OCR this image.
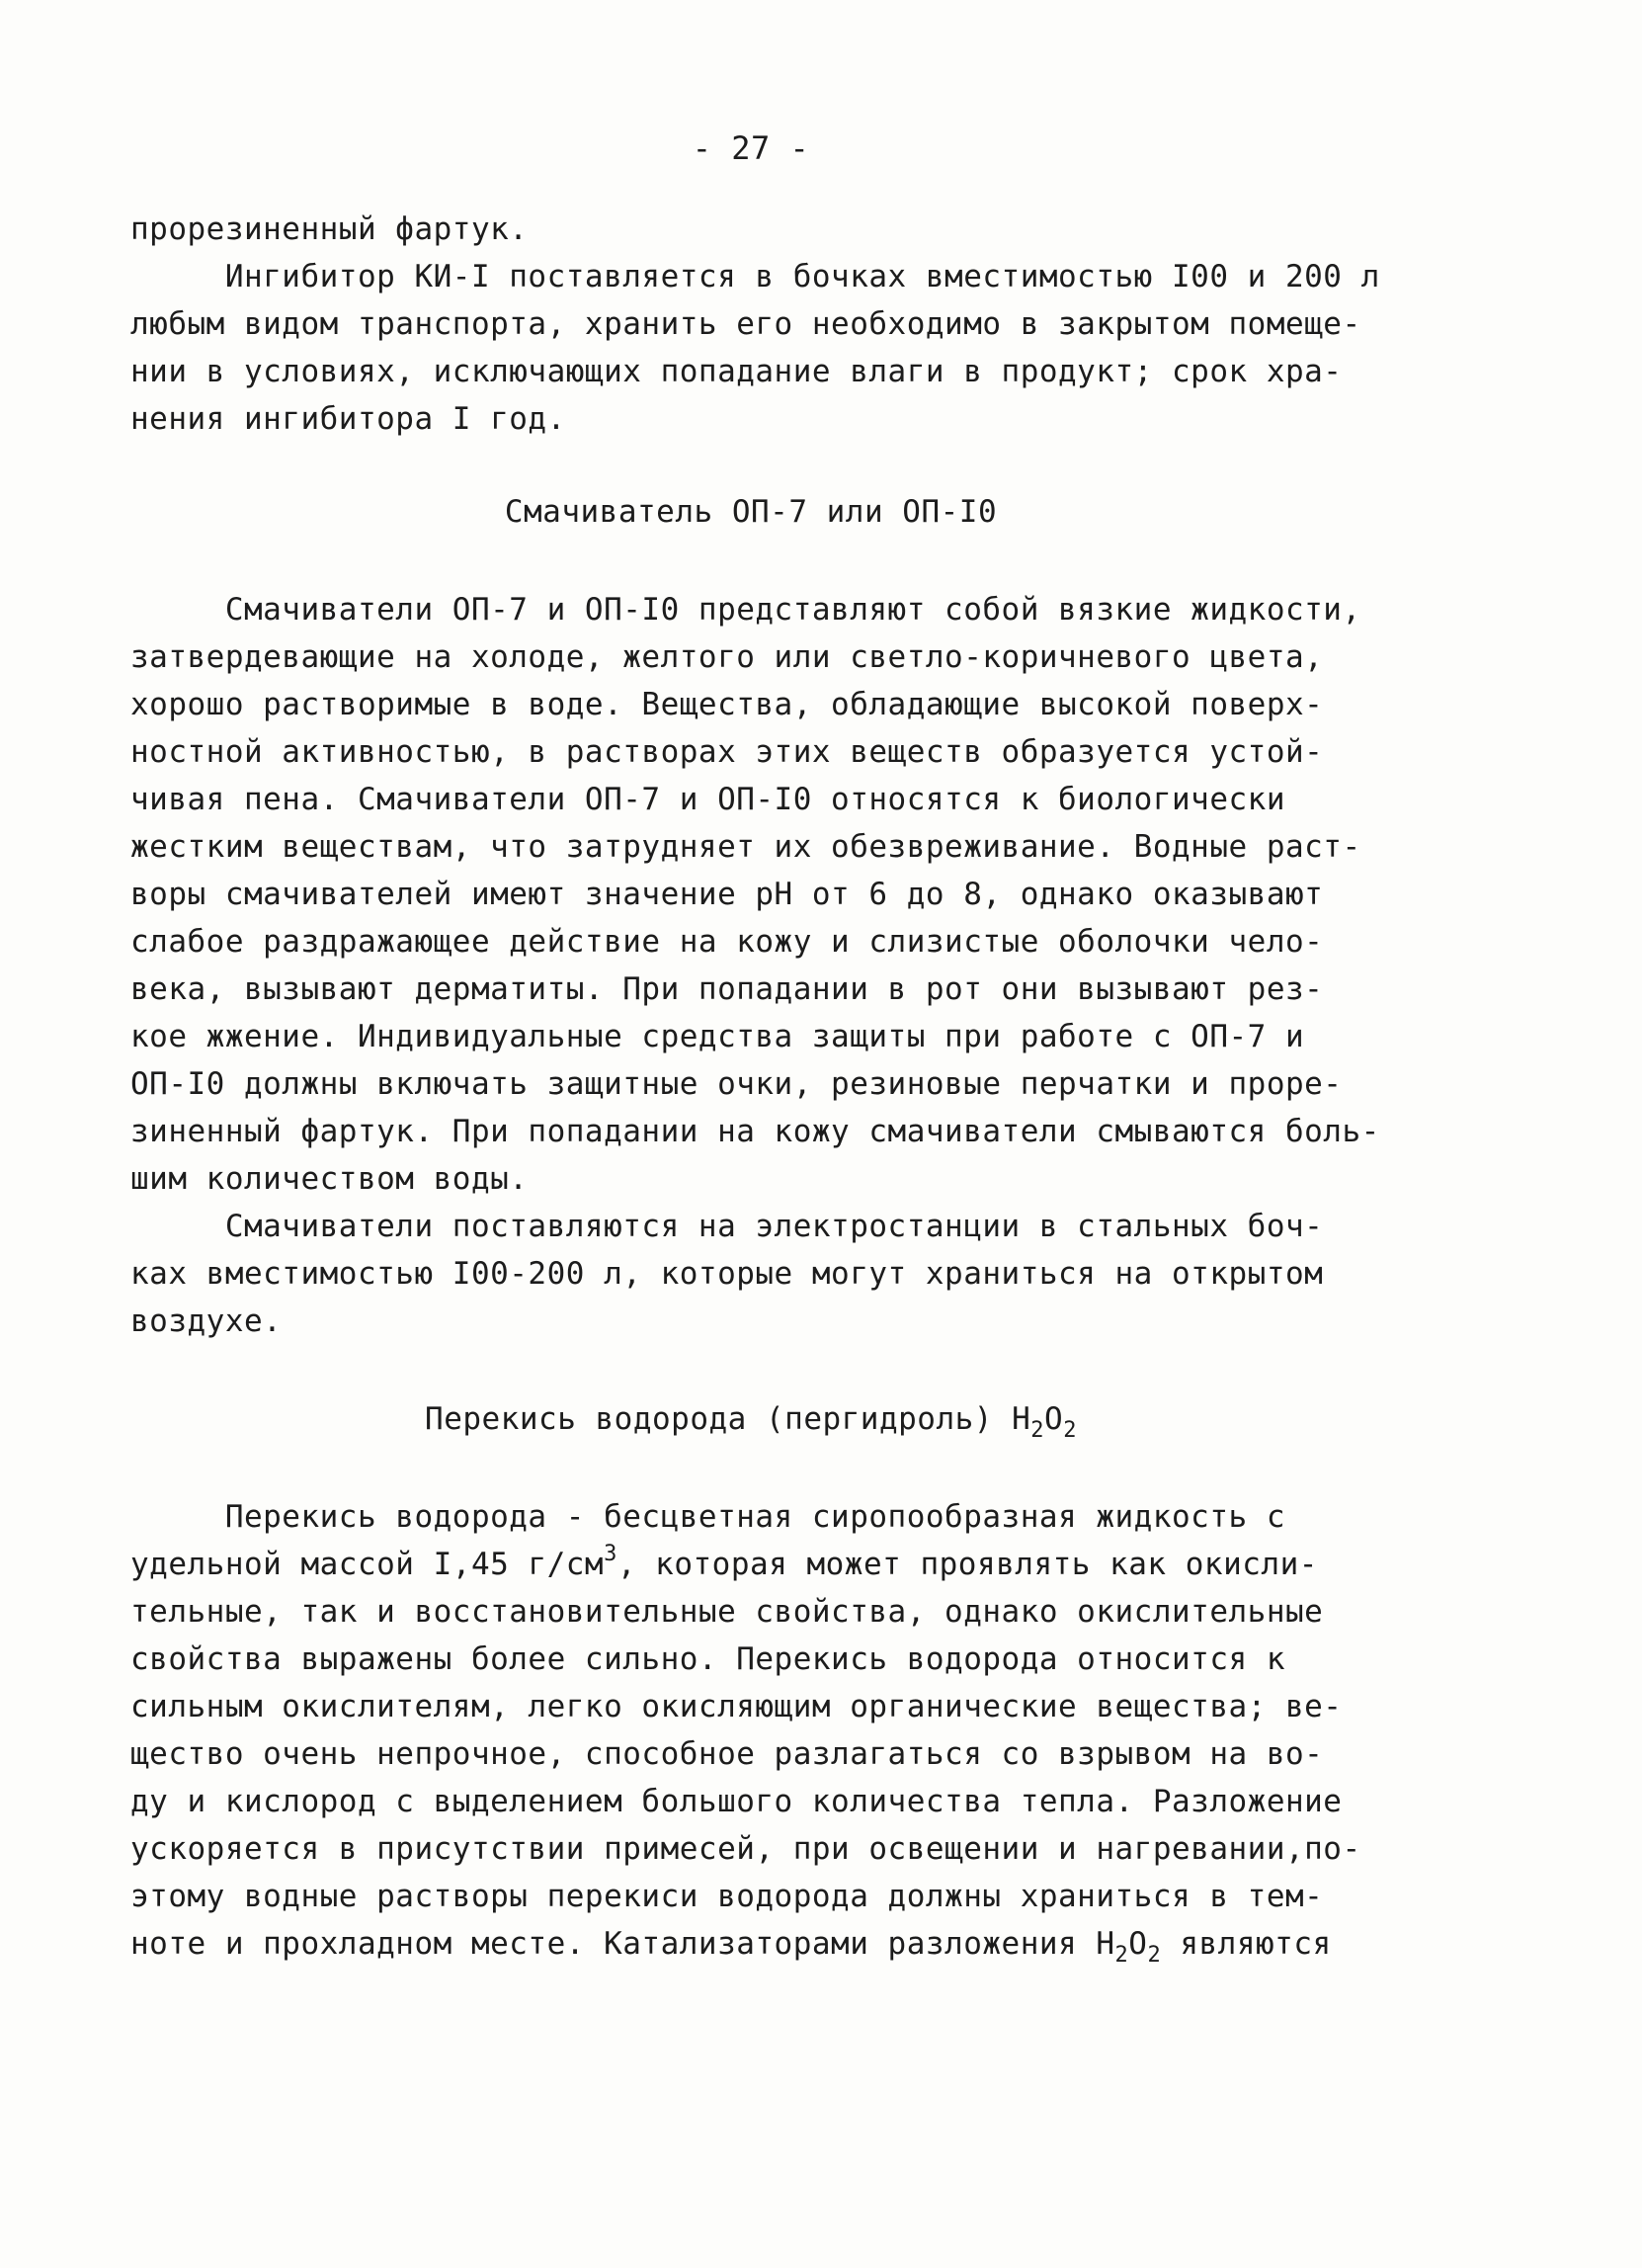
- 27 -
прорезиненный фартук.
Ингибитор КИ-I поставляется в бочках вместимостью I00 и 200 л
любым видом транспорта, хранить его необходимо в закрытом помеще-
нии в условиях, исключающих попадание влаги в продукт; срок хра-
нения ингибитора I год.
Смачиватель ОП-7 или ОП-I0
Смачиватели ОП-7 и ОП-I0 представляют собой вязкие жидкости,
затвердевающие на холоде, желтого или светло-коричневого цвета,
хорошо растворимые в воде. Вещества, обладающие высокой поверх-
ностной активностью, в растворах этих веществ образуется устой-
чивая пена. Смачиватели ОП-7 и ОП-I0 относятся к биологически
жестким веществам, что затрудняет их обезвреживание. Водные раст-
воры смачивателей имеют значение рН от 6 до 8, однако оказывают
слабое раздражающее действие на кожу и слизистые оболочки чело-
века, вызывают дерматиты. При попадании в рот они вызывают рез-
кое жжение. Индивидуальные средства защиты при работе с ОП-7 и
ОП-I0 должны включать защитные очки, резиновые перчатки и проре-
зиненный фартук. При попадании на кожу смачиватели смываются боль-
шим количеством воды.
Смачиватели поставляются на электростанции в стальных боч-
ках вместимостью I00-200 л, которые могут храниться на открытом
воздухе.
Перекись водорода (пергидроль) $H_2O_2$
Перекись водорода - бесцветная сиропообразная жидкость с
удельной массой I,45 $г/см^3$, которая может проявлять как окисли-
тельные, так и восстановительные свойства, однако окислительные
свойства выражены более сильно. Перекись водорода относится к
сильным окислителям, легко окисляющим органические вещества; ве-
щество очень непрочное, способное разлагаться со взрывом на во-
ду и кислород с выделением большого количества тепла. Разложение
ускоряется в присутствии примесей, при освещении и нагревании,по-
этому водные растворы перекиси водорода должны храниться в тем-
ноте и прохладном месте. Катализаторами разложения $H_2O_2$ являются
